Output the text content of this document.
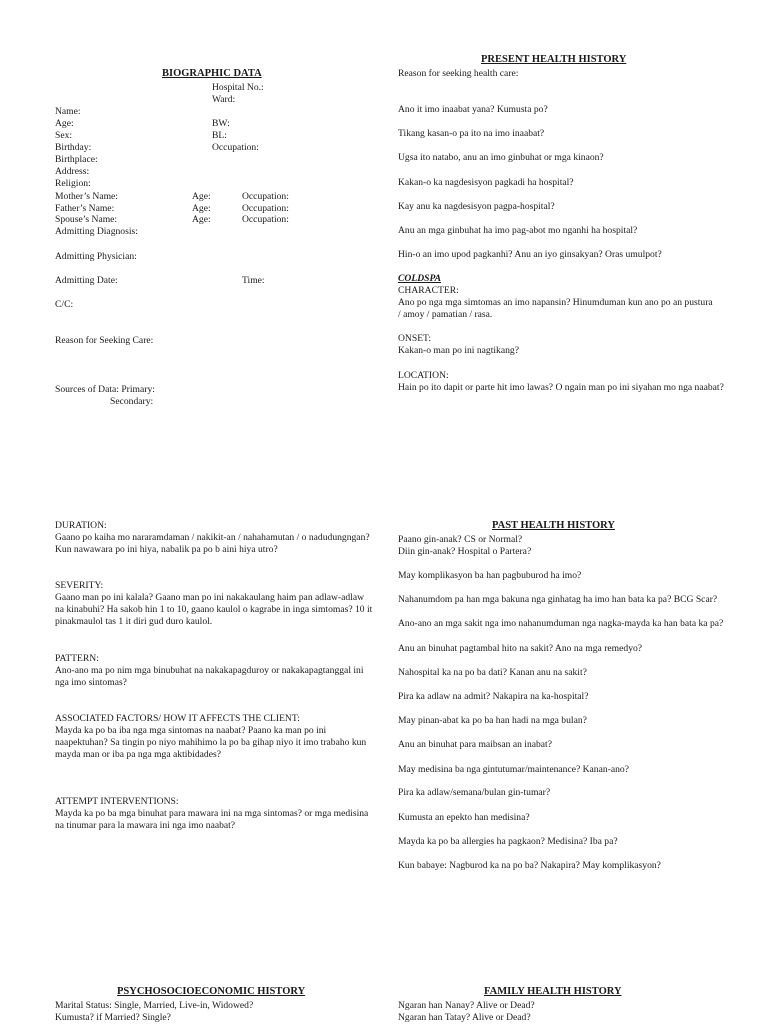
BIOGRAPHIC DATA
Hospital No.:
Ward:
Name:
Age:	BW:
Sex:	BL:
Birthday:	Occupation:
Birthplace:
Address:
Religion:
Mother’s Name:	Age:	Occupation:
Father’s Name:	Age:	Occupation:
Spouse’s Name:	Age:	Occupation:
Admitting Diagnosis:
Admitting Physician:
Admitting Date:	Time:
C/C:
Reason for Seeking Care:
Sources of Data: Primary:
Secondary:
PRESENT HEALTH HISTORY
Reason for seeking health care:
Ano it imo inaabat yana? Kumusta po?
Tikang kasan-o pa ito na imo inaabat?
Ugsa ito natabo, anu an imo ginbuhat or mga kinaon?
Kakan-o ka nagdesisyon pagkadi ha hospital?
Kay anu ka nagdesisyon pagpa-hospital?
Anu an mga ginbuhat ha imo pag-abot mo nganhi ha hospital?
Hin-o an imo upod pagkanhi? Anu an iyo ginsakyan? Oras umulpot?
COLDSPA
CHARACTER:
Ano po nga mga simtomas an imo napansin? Hinumduman kun ano po an pustura / amoy / pamatian / rasa.
ONSET:
Kakan-o man po ini nagtikang?
LOCATION:
Hain po ito dapit or parte hit imo lawas? O ngain man po ini siyahan mo nga naabat?
DURATION:
Gaano po kaiha mo nararamdaman / nakikit-an / nahahamutan / o nadudungngan? Kun nawawara po ini hiya, nabalik pa po b aini hiya utro?
SEVERITY:
Gaano man po ini kalala? Gaano man po ini nakakaulang haim pan adlaw-adlaw na kinabuhi? Ha sakob hin 1 to 10, gaano kaulol o kagrabe in inga simtomas? 10 it pinakmaulol tas 1 it diri gud duro kaulol.
PATTERN:
Ano-ano ma po nim mga binubuhat na nakakapagduroy or nakakapagtanggal ini nga imo sintomas?
ASSOCIATED FACTORS/ HOW IT AFFECTS THE CLIENT:
Mayda ka po ba iba nga mga sintomas na naabat? Paano ka man po ini naapektuhan? Sa tingin po niyo mahihimo la po ba gihap niyo it imo trabaho kun mayda man or iba pa nga mga aktibidades?
ATTEMPT INTERVENTIONS:
Mayda ka po ba mga binuhat para mawara ini na mga sintomas? or mga medisina na tinumar para la mawara ini nga imo naabat?
PAST HEALTH HISTORY
Paano gin-anak? CS or Normal?
Diin gin-anak? Hospital o Partera?
May komplikasyon ba han pagbuburod ha imo?
Nahanumdom pa han mga bakuna nga ginhatag ha imo han bata ka pa? BCG Scar?
Ano-ano an mga sakit nga imo nahanumduman nga nagka-mayda ka han bata ka pa?
Anu an binuhat pagtambal hito na sakit? Ano na mga remedyo?
Nahospital ka na po ba dati? Kanan anu na sakit?
Pira ka adlaw na admit? Nakapira na ka-hospital?
May pinan-abat ka po ba han hadi na mga bulan?
Anu an binuhat para maibsan an inabat?
May medisina ba nga gintutumar/maintenance? Kanan-ano?
Pira ka adlaw/semana/bulan gin-tumar?
Kumusta an epekto han medisina?
Mayda ka po ba allergies ha pagkaon? Medisina? Iba pa?
Kun babaye: Nagburod ka na po ba? Nakapira? May komplikasyon?
PSYCHOSOCIOECONOMIC HISTORY
Marital Status: Single, Married, Live-in, Widowed?
Kumusta? if Married? Single?
FAMILY HEALTH HISTORY
Ngaran han Nanay? Alive or Dead?
Ngaran han Tatay? Alive or Dead?
